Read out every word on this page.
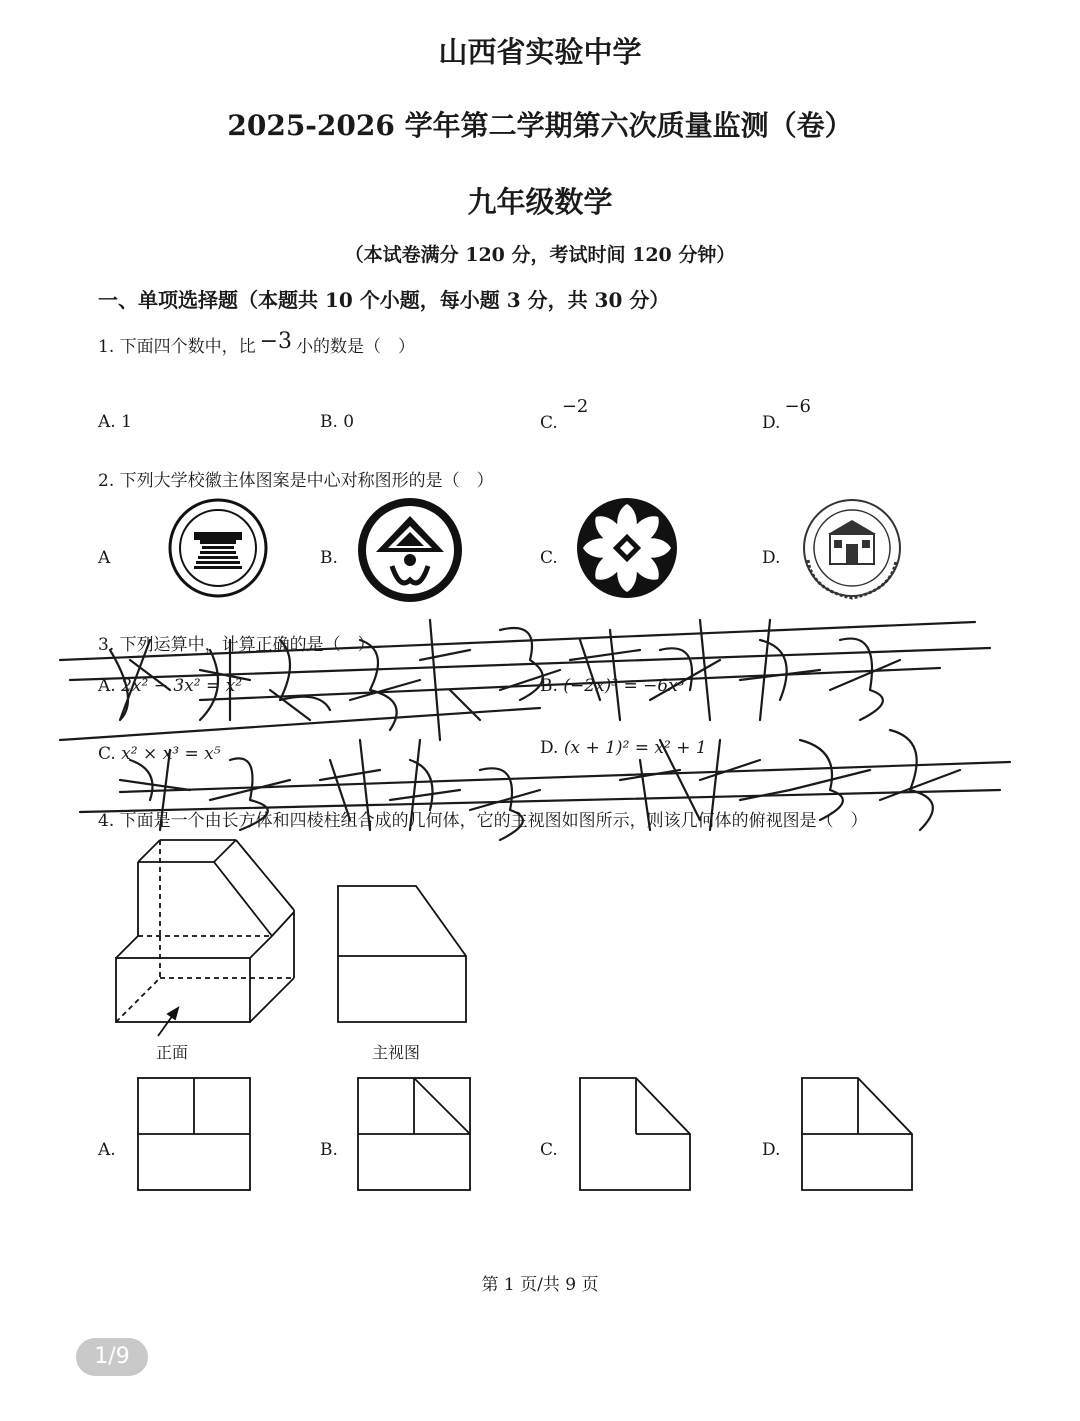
山西省实验中学
2025-2026 学年第二学期第六次质量监测（卷）
九年级数学
（本试卷满分 120 分，考试时间 120 分钟）
一、单项选择题（本题共 10 个小题，每小题 3 分，共 30 分）
1. 下面四个数中，比 −3 小的数是（　）
A. 1	B. 0	C.−2
D.−6
2. 下列大学校徽主体图案是中心对称图形的是（　）
A	B.	C.	D.
3. 下列运算中，计算正确的是（　）
A. 2x² − 3x² = x²	B. (−2x)³ = −6x³
C. x² × x³ = x⁵	D. (x + 1)² = x² + 1
4. 下面是一个由长方体和四棱柱组合成的几何体，它的主视图如图所示，则该几何体的俯视图是（　）
正面	主视图
A.	B.	C.	D.
第 1 页/共 9 页
1/9
